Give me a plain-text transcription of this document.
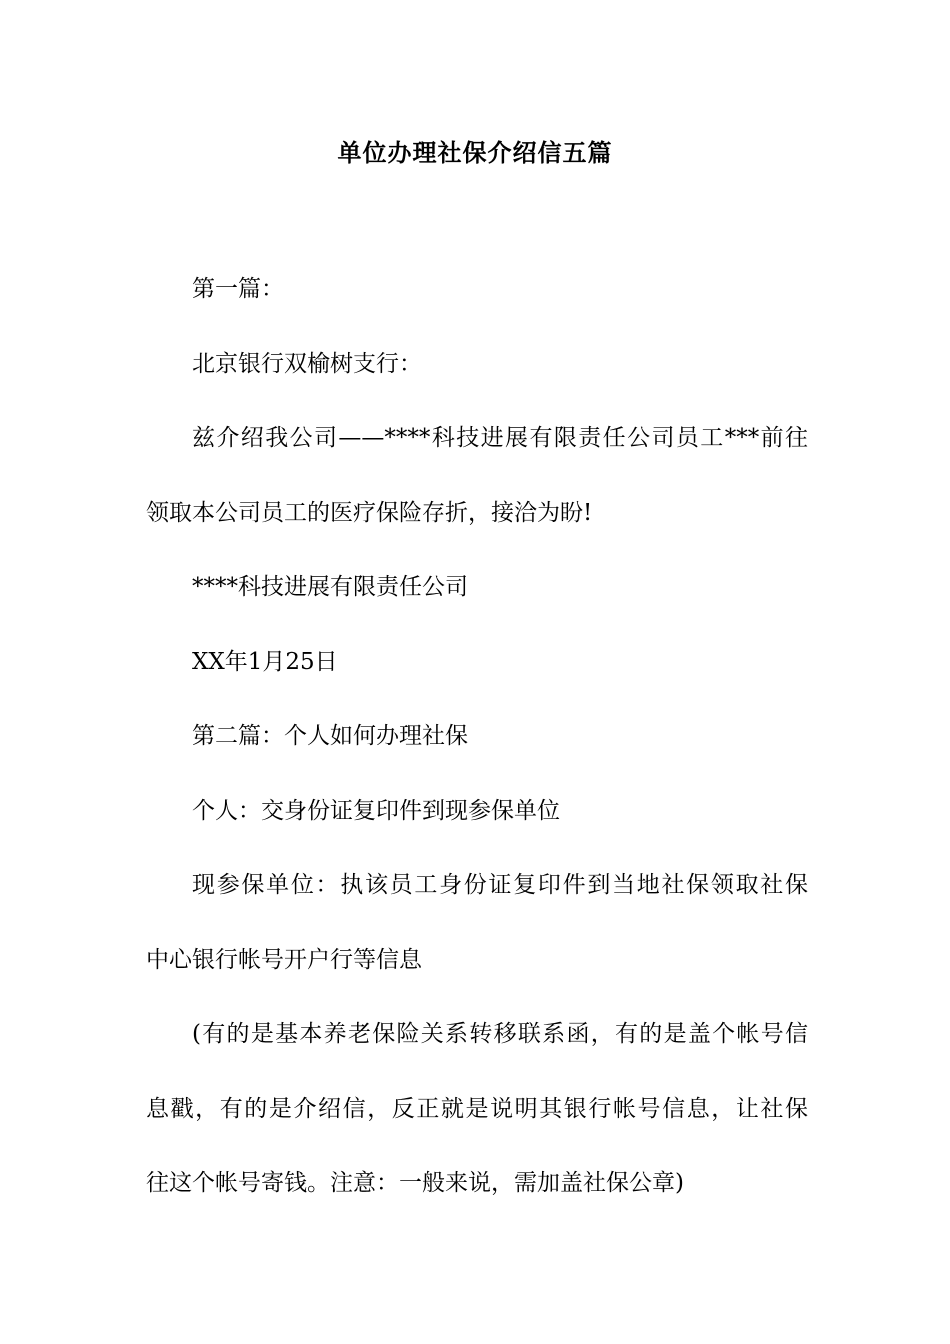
单位办理社保介绍信五篇

第一篇：

北京银行双榆树支行：

兹介绍我公司——****科技进展有限责任公司员工***前往

领取本公司员工的医疗保险存折，接洽为盼!

****科技进展有限责任公司

XX年1月25日

第二篇：个人如何办理社保

个人：交身份证复印件到现参保单位

现参保单位：执该员工身份证复印件到当地社保领取社保

中心银行帐号开户行等信息

(有的是基本养老保险关系转移联系函，有的是盖个帐号信

息戳，有的是介绍信，反正就是说明其银行帐号信息，让社保

往这个帐号寄钱。注意：一般来说，需加盖社保公章)
